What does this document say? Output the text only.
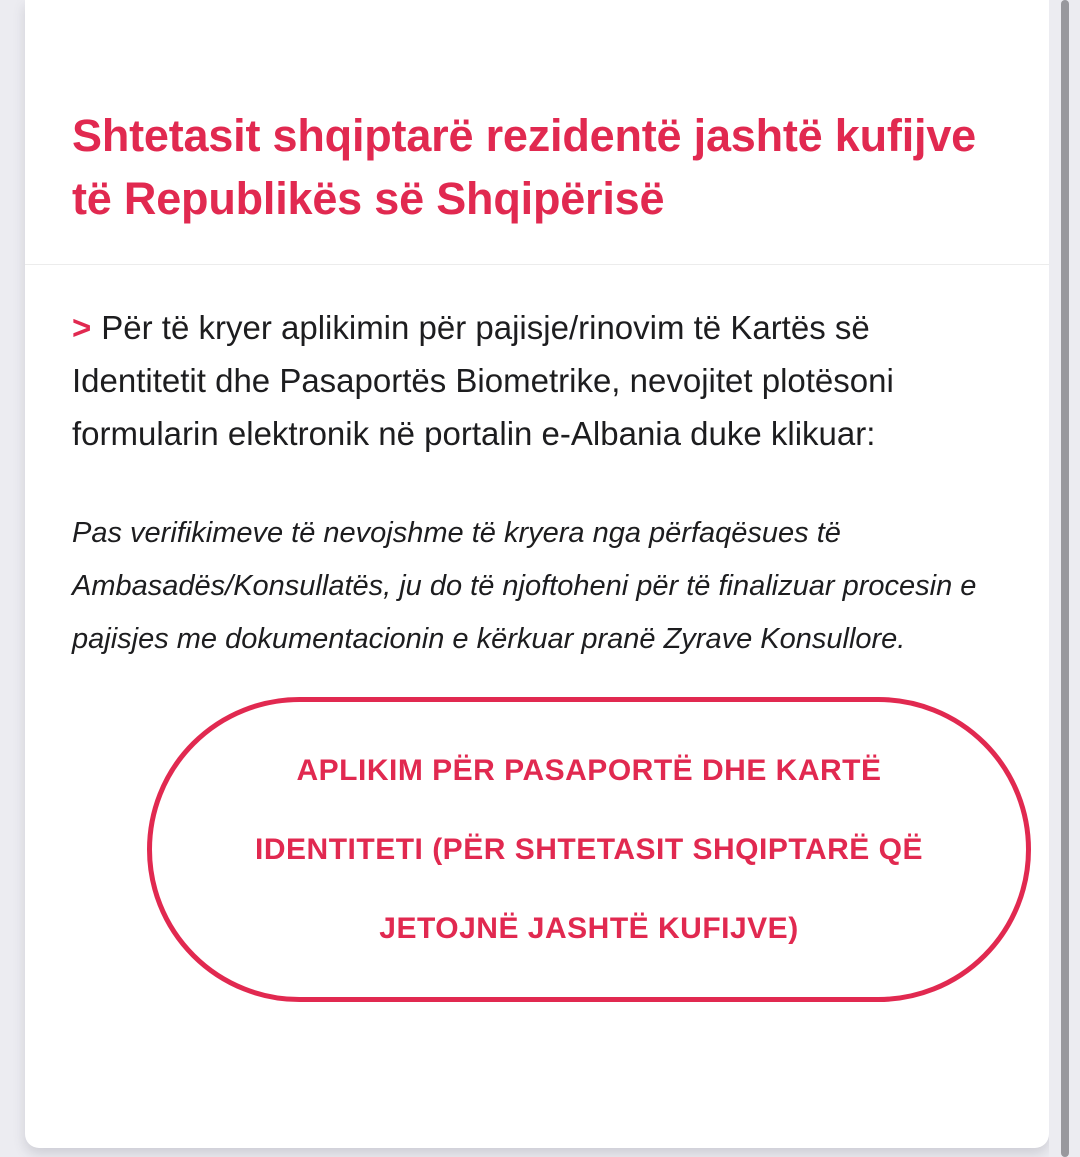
Shtetasit shqiptarë rezidentë jashtë kufijve të Republikës së Shqipërisë

> Për të kryer aplikimin për pajisje/rinovim të Kartës së Identitetit dhe Pasaportës Biometrike, nevojitet plotësoni formularin elektronik në portalin e-Albania duke klikuar:

Pas verifikimeve të nevojshme të kryera nga përfaqësues të Ambasadës/Konsullatës, ju do të njoftoheni për të finalizuar procesin e pajisjes me dokumentacionin e kërkuar pranë Zyrave Konsullore.

APLIKIM PËR PASAPORTË DHE KARTË
IDENTITETI (PËR SHTETASIT SHQIPTARË QË
JETOJNË JASHTË KUFIJVE)
